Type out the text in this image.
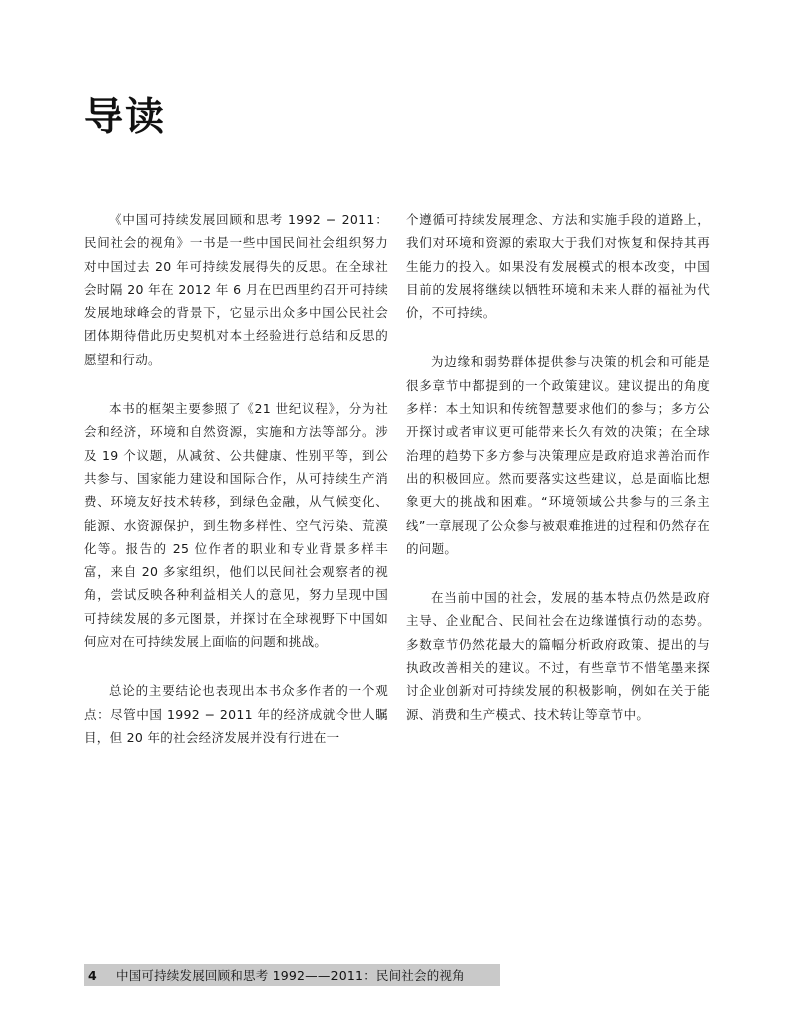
导读

《中国可持续发展回顾和思考 1992 − 2011：民间社会的视角》一书是一些中国民间社会组织努力对中国过去 20 年可持续发展得失的反思。在全球社会时隔 20 年在 2012 年 6 月在巴西里约召开可持续发展地球峰会的背景下，它显示出众多中国公民社会团体期待借此历史契机对本土经验进行总结和反思的愿望和行动。

本书的框架主要参照了《21 世纪议程》，分为社会和经济，环境和自然资源，实施和方法等部分。涉及 19 个议题，从减贫、公共健康、性别平等，到公共参与、国家能力建设和国际合作，从可持续生产消费、环境友好技术转移，到绿色金融，从气候变化、能源、水资源保护，到生物多样性、空气污染、荒漠化等。报告的 25 位作者的职业和专业背景多样丰富，来自 20 多家组织，他们以民间社会观察者的视角，尝试反映各种利益相关人的意见，努力呈现中国可持续发展的多元图景，并探讨在全球视野下中国如何应对在可持续发展上面临的问题和挑战。

总论的主要结论也表现出本书众多作者的一个观点：尽管中国 1992 − 2011 年的经济成就令世人瞩目，但 20 年的社会经济发展并没有行进在一

个遵循可持续发展理念、方法和实施手段的道路上，我们对环境和资源的索取大于我们对恢复和保持其再生能力的投入。如果没有发展模式的根本改变，中国目前的发展将继续以牺牲环境和未来人群的福祉为代价，不可持续。

为边缘和弱势群体提供参与决策的机会和可能是很多章节中都提到的一个政策建议。建议提出的角度多样：本土知识和传统智慧要求他们的参与；多方公开探讨或者审议更可能带来长久有效的决策；在全球治理的趋势下多方参与决策理应是政府追求善治而作出的积极回应。然而要落实这些建议，总是面临比想象更大的挑战和困难。“环境领域公共参与的三条主线”一章展现了公众参与被艰难推进的过程和仍然存在的问题。

在当前中国的社会，发展的基本特点仍然是政府主导、企业配合、民间社会在边缘谨慎行动的态势。多数章节仍然花最大的篇幅分析政府政策、提出的与执政改善相关的建议。不过，有些章节不惜笔墨来探讨企业创新对可持续发展的积极影响，例如在关于能源、消费和生产模式、技术转让等章节中。

4	中国可持续发展回顾和思考 1992——2011：民间社会的视角
